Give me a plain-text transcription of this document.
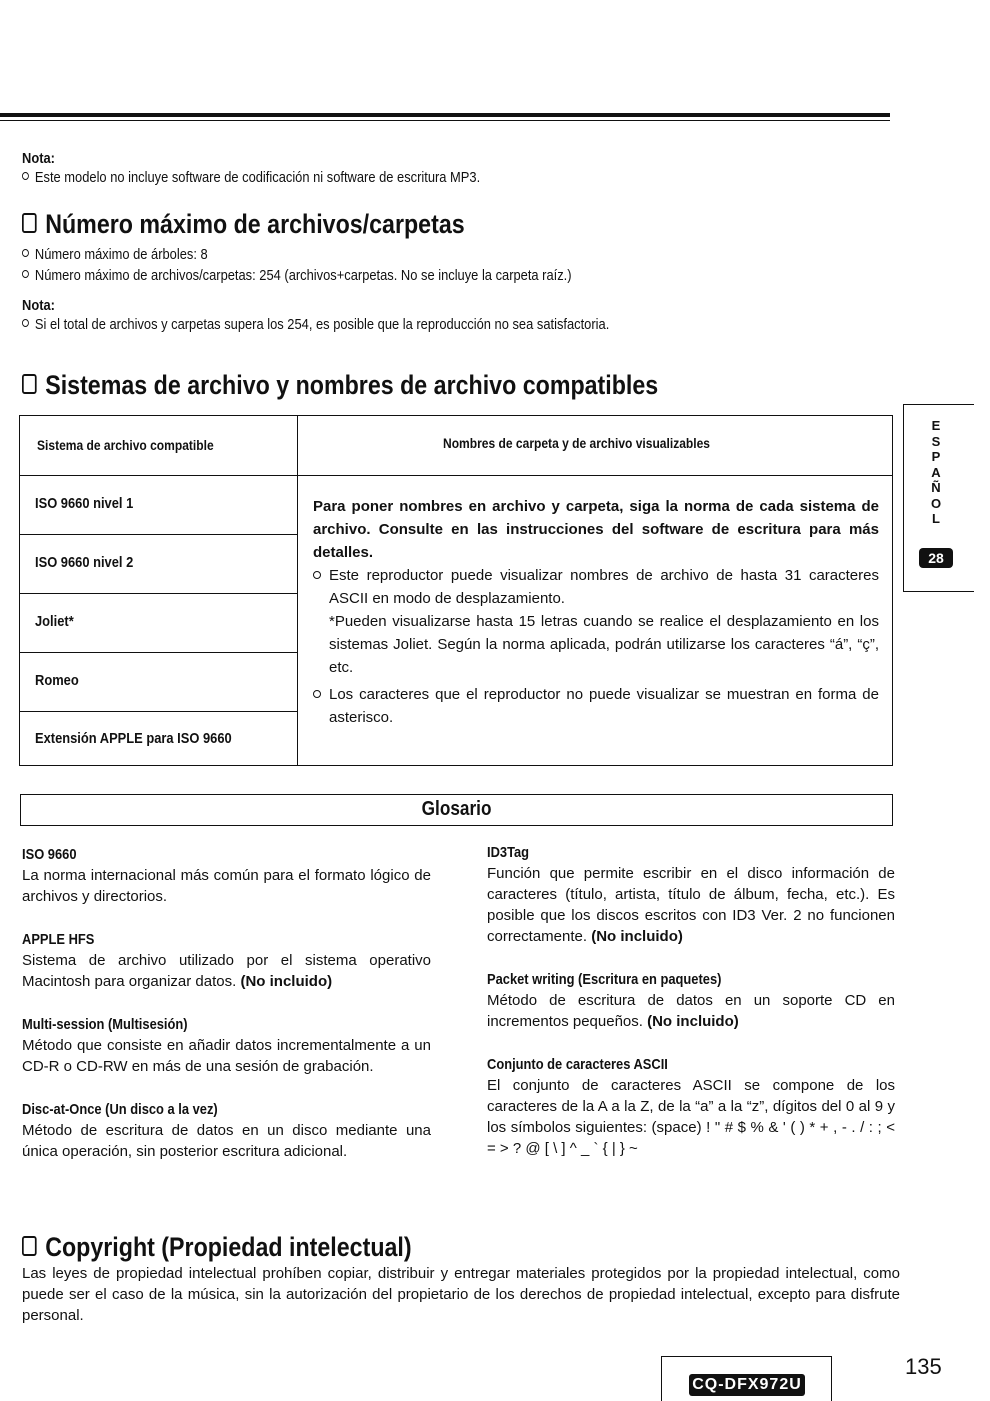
Nota:
Este modelo no incluye software de codificación ni software de escritura MP3.
Número máximo de archivos/carpetas
Número máximo de árboles: 8
Número máximo de archivos/carpetas: 254 (archivos+carpetas. No se incluye la carpeta raíz.)
Nota:
Si el total de archivos y carpetas supera los 254, es posible que la reproducción no sea satisfactoria.
Sistemas de archivo y nombres de archivo compatibles
Sistema de archivo compatible	Nombres de carpeta y de archivo visualizables
ISO 9660 nivel 1
ISO 9660 nivel 2
Joliet*
Romeo
Extensión APPLE para ISO 9660
Para poner nombres en archivo y carpeta, siga la norma de cada sistema de archivo. Consulte en las instrucciones del software de escritura para más detalles.
Este reproductor puede visualizar nombres de archivo de hasta 31 caracteres ASCII en modo de desplazamiento.
*Pueden visualizarse hasta 15 letras cuando se realice el desplazamiento en los sistemas Joliet. Según la norma aplicada, podrán utilizarse los caracteres “á”, “ç”, etc.
Los caracteres que el reproductor no puede visualizar se muestran en forma de asterisco.
E
S
P
A
Ñ
O
L
28
Glosario
ISO 9660
La norma internacional más común para el formato lógico de archivos y directorios.
APPLE HFS
Sistema de archivo utilizado por el sistema operativo Macintosh para organizar datos. (No incluido)
Multi-session (Multisesión)
Método que consiste en añadir datos incrementalmente a un CD-R o CD-RW en más de una sesión de grabación.
Disc-at-Once (Un disco a la vez)
Método de escritura de datos en un disco mediante una única operación, sin posterior escritura adicional.
ID3Tag
Función que permite escribir en el disco información de caracteres (título, artista, título de álbum, fecha, etc.). Es posible que los discos escritos con ID3 Ver. 2 no funcionen correctamente. (No incluido)
Packet writing (Escritura en paquetes)
Método de escritura de datos en un soporte CD en incrementos pequeños. (No incluido)
Conjunto de caracteres ASCII
El conjunto de caracteres ASCII se compone de los caracteres de la A a la Z, de la “a” a la “z”, dígitos del 0 al 9 y los símbolos siguientes: (space) ! " # $ % & ' ( ) * + , - . / : ; < = > ? @ [ \ ] ^ _ ` { | } ~
Copyright (Propiedad intelectual)
Las leyes de propiedad intelectual prohíben copiar, distribuir y entregar materiales protegidos por la propiedad intelectual, como puede ser el caso de la música, sin la autorización del propietario de los derechos de propiedad intelectual, excepto para disfrute personal.
CQ-DFX972U
135
